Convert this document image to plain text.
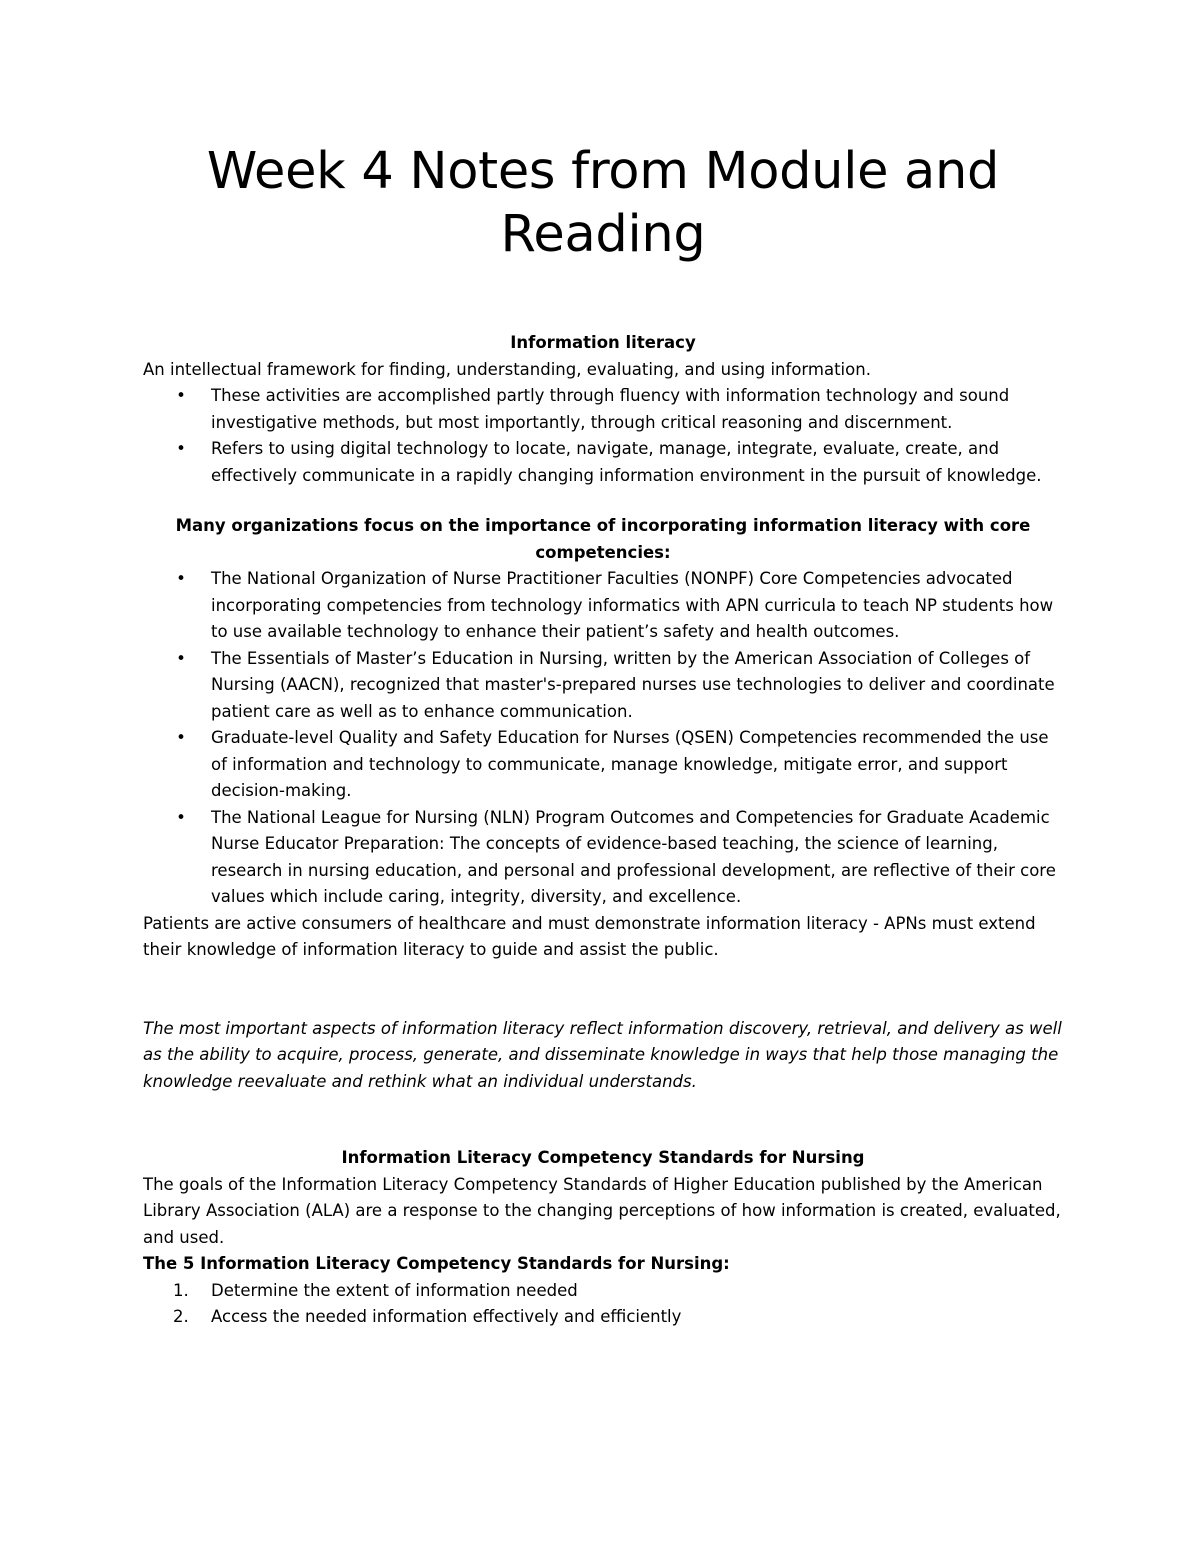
Week 4 Notes from Module and Reading
Information literacy

An intellectual framework for finding, understanding, evaluating, and using information.

• These activities are accomplished partly through fluency with information technology and sound investigative methods, but most importantly, through critical reasoning and discernment.
• Refers to using digital technology to locate, navigate, manage, integrate, evaluate, create, and effectively communicate in a rapidly changing information environment in the pursuit of knowledge.
Many organizations focus on the importance of incorporating information literacy with core competencies:
• The National Organization of Nurse Practitioner Faculties (NONPF) Core Competencies advocated incorporating competencies from technology informatics with APN curricula to teach NP students how to use available technology to enhance their patient’s safety and health outcomes.
• The Essentials of Master’s Education in Nursing, written by the American Association of Colleges of Nursing (AACN), recognized that master's-prepared nurses use technologies to deliver and coordinate patient care as well as to enhance communication.
• Graduate-level Quality and Safety Education for Nurses (QSEN) Competencies recommended the use of information and technology to communicate, manage knowledge, mitigate error, and support decision-making.
• The National League for Nursing (NLN) Program Outcomes and Competencies for Graduate Academic Nurse Educator Preparation: The concepts of evidence-based teaching, the science of learning, research in nursing education, and personal and professional development, are reflective of their core values which include caring, integrity, diversity, and excellence.

Patients are active consumers of healthcare and must demonstrate information literacy - APNs must extend their knowledge of information literacy to guide and assist the public.

The most important aspects of information literacy reflect information discovery, retrieval, and delivery as well as the ability to acquire, process, generate, and disseminate knowledge in ways that help those managing the knowledge reevaluate and rethink what an individual understands.

Information Literacy Competency Standards for Nursing

The goals of the Information Literacy Competency Standards of Higher Education published by the American Library Association (ALA) are a response to the changing perceptions of how information is created, evaluated, and used.

The 5 Information Literacy Competency Standards for Nursing:
1. Determine the extent of information needed
2. Access the needed information effectively and efficiently
